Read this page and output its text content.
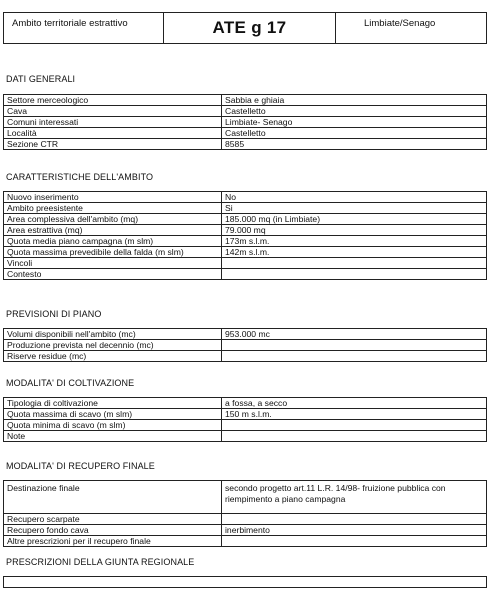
Ambito territoriale estrattivo	ATE g 17	Limbiate/Senago
DATI GENERALI
Settore merceologico	Sabbia e ghiaia
Cava	Castelletto
Comuni interessati	Limbiate- Senago
Località	Castelletto
Sezione CTR	8585
CARATTERISTICHE DELL'AMBITO
Nuovo inserimento	No
Ambito preesistente	Si
Area complessiva dell'ambito (mq)	185.000 mq (in Limbiate)
Area estrattiva (mq)	79.000 mq
Quota media piano campagna (m slm)	173m s.l.m.
Quota massima prevedibile della falda (m slm)	142m s.l.m.
Vincoli	
Contesto	
PREVISIONI DI PIANO
Volumi disponibili nell'ambito (mc)	953.000 mc
Produzione prevista nel decennio (mc)	
Riserve residue (mc)	
MODALITA' DI COLTIVAZIONE
Tipologia di coltivazione	a fossa, a secco
Quota massima di scavo (m slm)	150 m s.l.m.
Quota minima di scavo (m slm)	
Note	
MODALITA' DI RECUPERO FINALE
Destinazione finale	secondo progetto art.11 L.R. 14/98- fruizione pubblica con riempimento a piano campagna
Recupero scarpate	
Recupero fondo cava	inerbimento
Altre prescrizioni per il recupero finale	
PRESCRIZIONI DELLA GIUNTA REGIONALE
